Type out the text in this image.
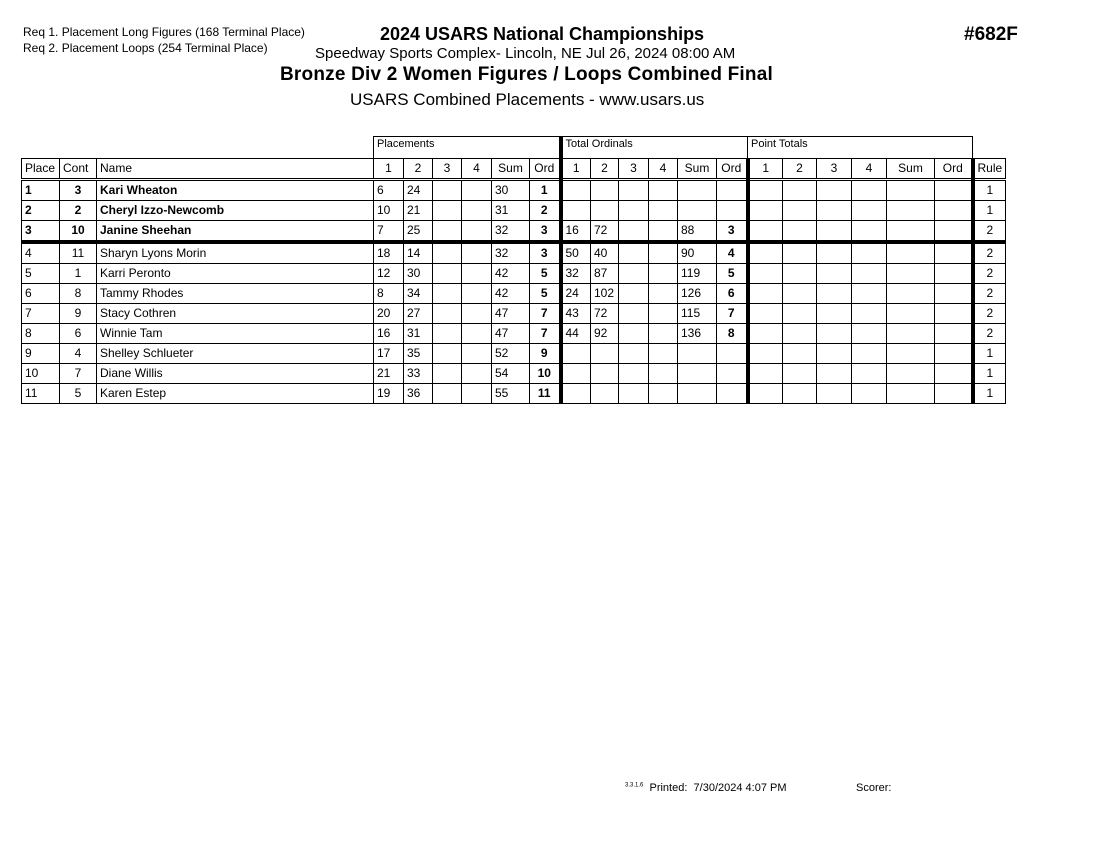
Req 1. Placement Long Figures (168 Terminal Place)
Req 2. Placement Loops (254 Terminal Place)
2024 USARS National Championships
Speedway Sports Complex- Lincoln, NE Jul 26, 2024 08:00 AM
Bronze Div 2 Women Figures / Loops Combined Final
USARS Combined Placements - www.usars.us
#682F
			Placements						Total Ordinals						Point Totals						
Place	Cont	Name	1	2	3	4	Sum	Ord	1	2	3	4	Sum	Ord	1	2	3	4	Sum	Ord	Rule
1	3	Kari Wheaton	6	24			30	1													1
2	2	Cheryl Izzo-Newcomb	10	21			31	2													1
3	10	Janine Sheehan	7	25			32	3	16	72			88	3							2
4	11	Sharyn Lyons Morin	18	14			32	3	50	40			90	4							2
5	1	Karri Peronto	12	30			42	5	32	87			119	5							2
6	8	Tammy Rhodes	8	34			42	5	24	102			126	6							2
7	9	Stacy Cothren	20	27			47	7	43	72			115	7							2
8	6	Winnie Tam	16	31			47	7	44	92			136	8							2
9	4	Shelley Schlueter	17	35			52	9													1
10	7	Diane Willis	21	33			54	10													1
11	5	Karen Estep	19	36			55	11													1
$^{3.3.1.6}$ Printed: 7/30/2024 4:07 PM	Scorer:
